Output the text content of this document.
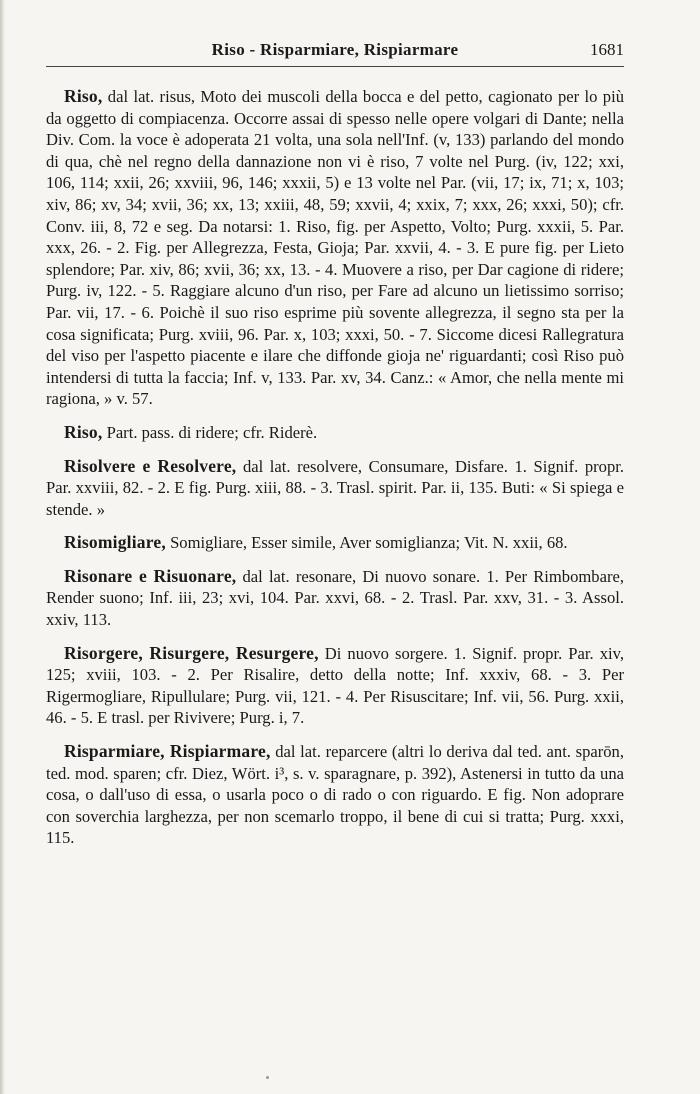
Riso - Risparmiare, Rispiarmare	1681

Riso, dal lat. risus, Moto dei muscoli della bocca e del petto, cagionato per lo più da oggetto di compiacenza. Occorre assai di spesso nelle opere volgari di Dante; nella Div. Com. la voce è adoperata 21 volta, una sola nell'Inf. (v, 133) parlando del mondo di qua, chè nel regno della dannazione non vi è riso, 7 volte nel Purg. (iv, 122; xxi, 106, 114; xxii, 26; xxviii, 96, 146; xxxii, 5) e 13 volte nel Par. (vii, 17; ix, 71; x, 103; xiv, 86; xv, 34; xvii, 36; xx, 13; xxiii, 48, 59; xxvii, 4; xxix, 7; xxx, 26; xxxi, 50); cfr. Conv. iii, 8, 72 e seg. Da notarsi: 1. Riso, fig. per Aspetto, Volto; Purg. xxxii, 5. Par. xxx, 26. - 2. Fig. per Allegrezza, Festa, Gioja; Par. xxvii, 4. - 3. E pure fig. per Lieto splendore; Par. xiv, 86; xvii, 36; xx, 13. - 4. Muovere a riso, per Dar cagione di ridere; Purg. iv, 122. - 5. Raggiare alcuno d'un riso, per Fare ad alcuno un lietissimo sorriso; Par. vii, 17. - 6. Poichè il suo riso esprime più sovente allegrezza, il segno sta per la cosa significata; Purg. xviii, 96. Par. x, 103; xxxi, 50. - 7. Siccome dicesi Rallegratura del viso per l'aspetto piacente e ilare che diffonde gioja ne' riguardanti; così Riso può intendersi di tutta la faccia; Inf. v, 133. Par. xv, 34. Canz.: « Amor, che nella mente mi ragiona, » v. 57.

Riso, Part. pass. di ridere; cfr. Riderè.

Risolvere e Resolvere, dal lat. resolvere, Consumare, Disfare. 1. Signif. propr. Par. xxviii, 82. - 2. E fig. Purg. xiii, 88. - 3. Trasl. spirit. Par. ii, 135. Buti: « Si spiega e stende. »

Risomigliare, Somigliare, Esser simile, Aver somiglianza; Vit. N. xxii, 68.

Risonare e Risuonare, dal lat. resonare, Di nuovo sonare. 1. Per Rimbombare, Render suono; Inf. iii, 23; xvi, 104. Par. xxvi, 68. - 2. Trasl. Par. xxv, 31. - 3. Assol. xxiv, 113.

Risorgere, Risurgere, Resurgere, Di nuovo sorgere. 1. Signif. propr. Par. xiv, 125; xviii, 103. - 2. Per Risalire, detto della notte; Inf. xxxiv, 68. - 3. Per Rigermogliare, Ripullulare; Purg. vii, 121. - 4. Per Risuscitare; Inf. vii, 56. Purg. xxii, 46. - 5. E trasl. per Rivivere; Purg. i, 7.

Risparmiare, Rispiarmare, dal lat. reparcere (altri lo deriva dal ted. ant. sparōn, ted. mod. sparen; cfr. Diez, Wört. i³, s. v. sparagnare, p. 392), Astenersi in tutto da una cosa, o dall'uso di essa, o usarla poco o di rado o con riguardo. E fig. Non adoprare con soverchia larghezza, per non scemarlo troppo, il bene di cui si tratta; Purg. xxxi, 115.
